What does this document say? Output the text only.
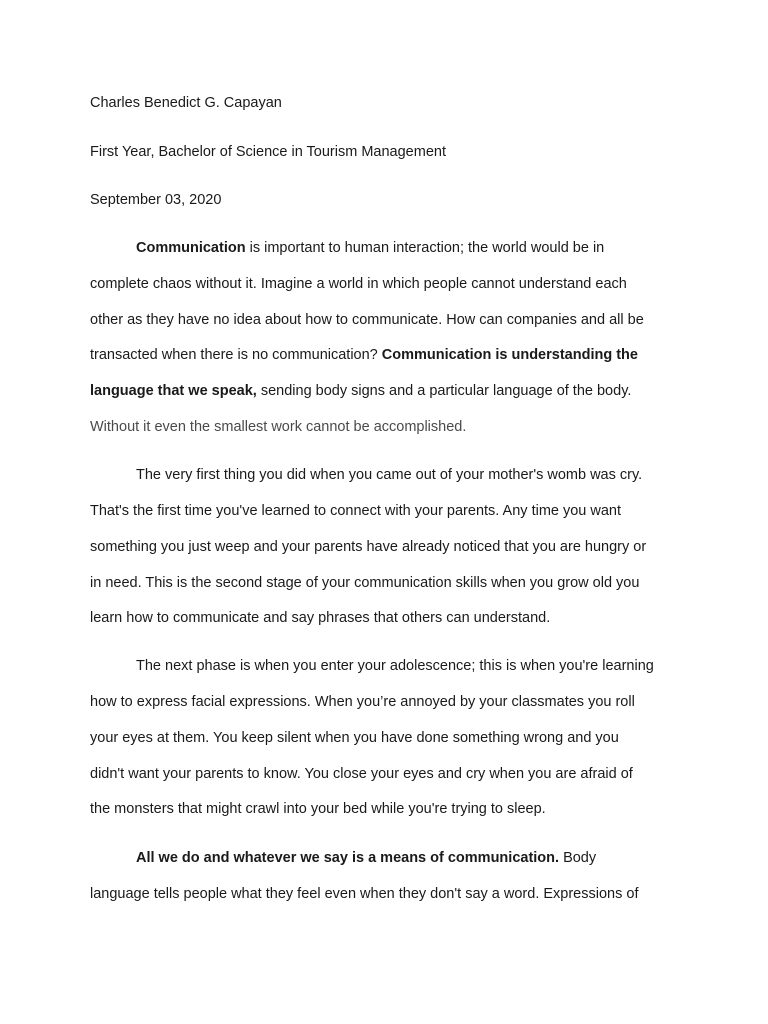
Charles Benedict G. Capayan
First Year, Bachelor of Science in Tourism Management
September 03, 2020
Communication is important to human interaction; the world would be in
complete chaos without it. Imagine a world in which people cannot understand each
other as they have no idea about how to communicate. How can companies and all be
transacted when there is no communication? Communication is understanding the
language that we speak, sending body signs and a particular language of the body.
Without it even the smallest work cannot be accomplished.
The very first thing you did when you came out of your mother's womb was cry.
That's the first time you've learned to connect with your parents. Any time you want
something you just weep and your parents have already noticed that you are hungry or
in need. This is the second stage of your communication skills when you grow old you
learn how to communicate and say phrases that others can understand.
The next phase is when you enter your adolescence; this is when you're learning
how to express facial expressions. When you’re annoyed by your classmates you roll
your eyes at them. You keep silent when you have done something wrong and you
didn't want your parents to know. You close your eyes and cry when you are afraid of
the monsters that might crawl into your bed while you're trying to sleep.
All we do and whatever we say is a means of communication. Body
language tells people what they feel even when they don't say a word. Expressions of
